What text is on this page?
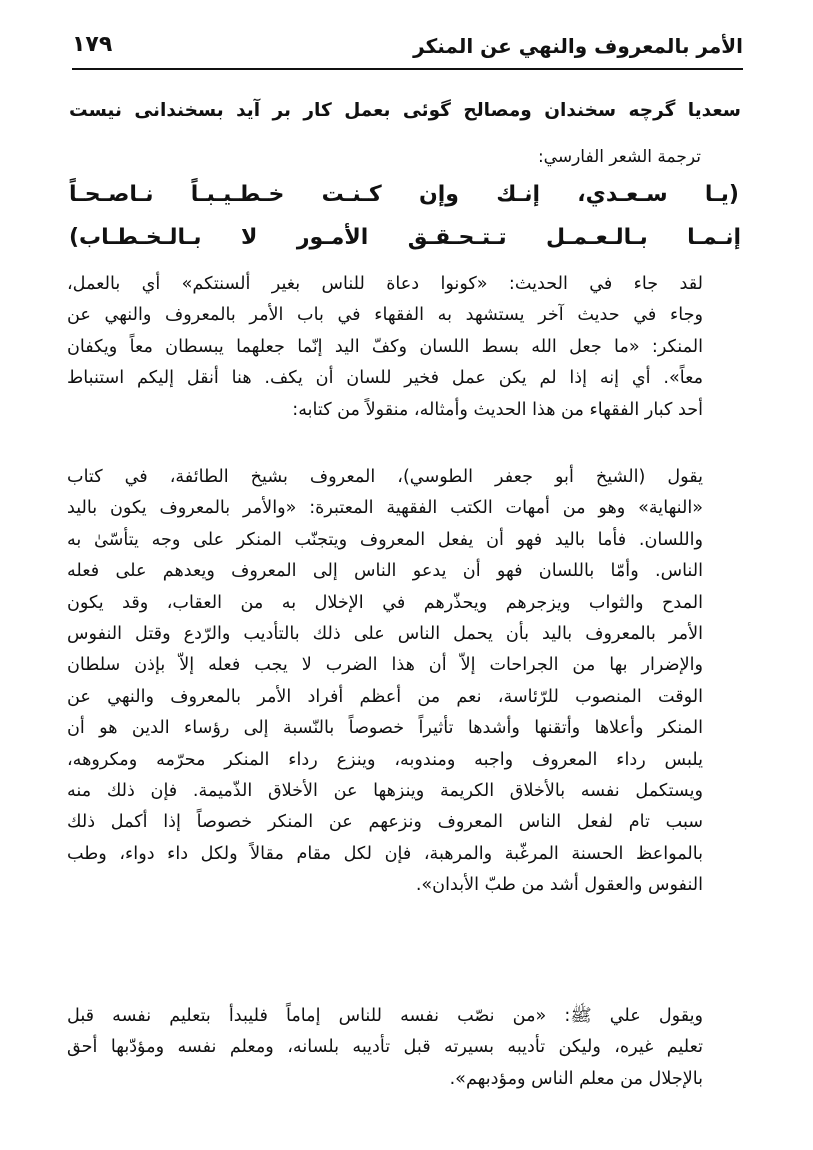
الأمر بالمعروف والنهي عن المنكر
١٧٩
سعديا گرچه سخندان ومصالح گوئى بعمل كار بر آيد بسخندانى نيست
ترجمة الشعر الفارسي:
(يـا سـعـدي، إنـك وإن كـنـت خـطـيـبـاً نـاصـحـاً
إنـمـا بـالـعـمـل تـتـحـقـق الأمـور لا بـالـخـطـاب)
لقد جاء في الحديث: «كونوا دعاة للناس بغير ألسنتكم» أي بالعمل،
وجاء في حديث آخر يستشهد به الفقهاء في باب الأمر بالمعروف والنهي عن
المنكر: «ما جعل الله بسط اللسان وكفّ اليد إنّما جعلهما يبسطان معاً ويكفان
معاً». أي إنه إذا لم يكن عمل فخير للسان أن يكف. هنا أنقل إليكم استنباط
أحد كبار الفقهاء من هذا الحديث وأمثاله، منقولاً من كتابه:
يقول (الشيخ أبو جعفر الطوسي)، المعروف بشيخ الطائفة، في كتاب
«النهاية» وهو من أمهات الكتب الفقهية المعتبرة: «والأمر بالمعروف يكون باليد
واللسان. فأما باليد فهو أن يفعل المعروف ويتجنّب المنكر على وجه يتأسّىٰ به
الناس. وأمّا باللسان فهو أن يدعو الناس إلى المعروف ويعدهم على فعله
المدح والثواب ويزجرهم ويحذّرهم في الإخلال به من العقاب، وقد يكون
الأمر بالمعروف باليد بأن يحمل الناس على ذلك بالتأديب والرّدع وقتل النفوس
والإضرار بها من الجراحات إلاّ أن هذا الضرب لا يجب فعله إلاّ بإذن سلطان
الوقت المنصوب للرّئاسة، نعم من أعظم أفراد الأمر بالمعروف والنهي عن
المنكر وأعلاها وأتقنها وأشدها تأثيراً خصوصاً بالنّسبة إلى رؤساء الدين هو أن
يلبس رداء المعروف واجبه ومندوبه، وينزع رداء المنكر محرّمه ومكروهه،
ويستكمل نفسه بالأخلاق الكريمة وينزهها عن الأخلاق الذّميمة. فإن ذلك منه
سبب تام لفعل الناس المعروف ونزعهم عن المنكر خصوصاً إذا أكمل ذلك
بالمواعظ الحسنة المرغّبة والمرهبة، فإن لكل مقام مقالاً ولكل داء دواء، وطب
النفوس والعقول أشد من طبّ الأبدان».
ويقول علي ﷺ: «من نصّب نفسه للناس إماماً فليبدأ بتعليم نفسه قبل
تعليم غيره، وليكن تأديبه بسيرته قبل تأديبه بلسانه، ومعلم نفسه ومؤدّبها أحق
بالإجلال من معلم الناس ومؤدبهم».
